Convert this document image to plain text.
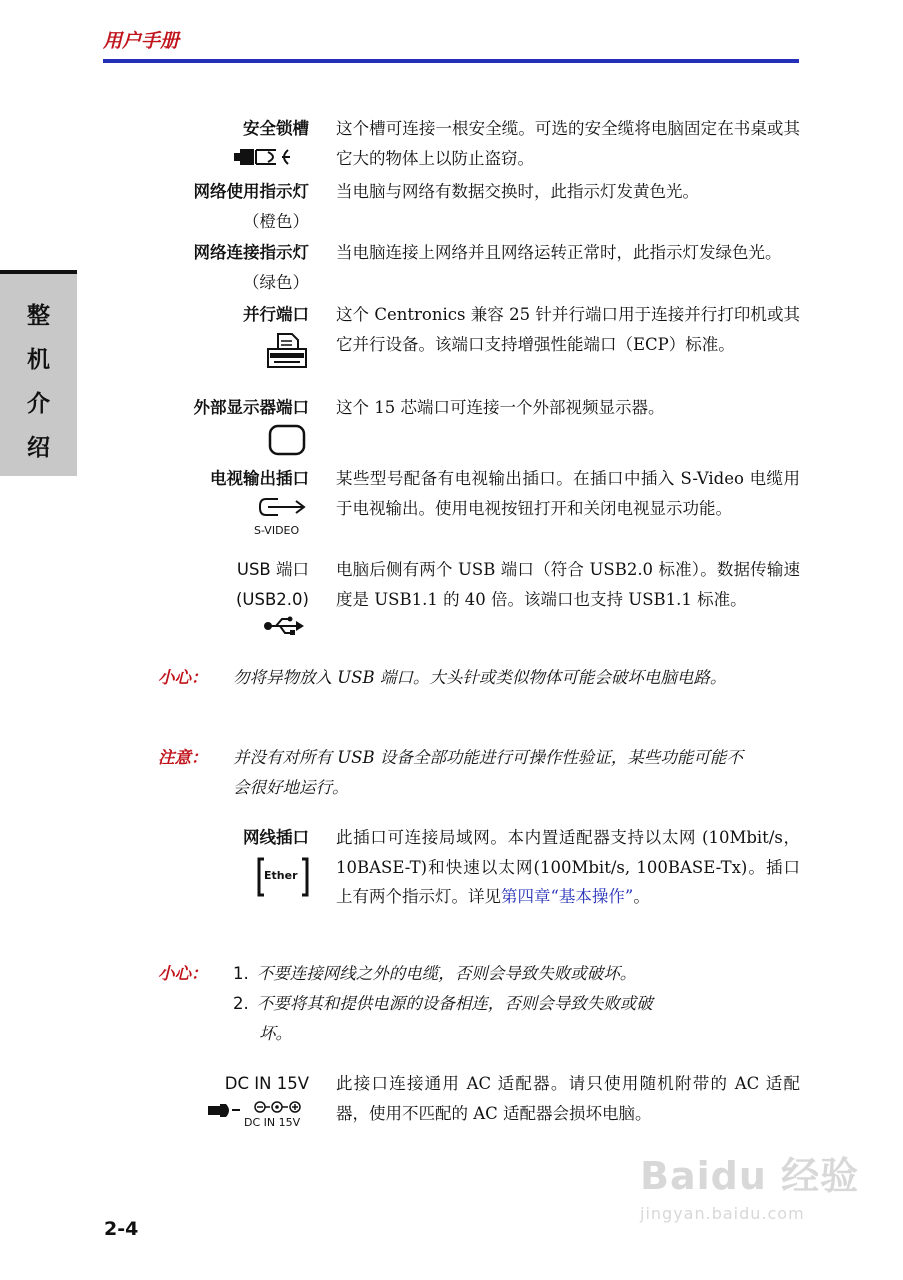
用户手册
整
机
介
绍
安全锁槽 这个槽可连接一根安全缆。可选的安全缆将电脑固定在书桌或其它大的物体上以防止盗窃。
网络使用指示灯
（橙色）
当电脑与网络有数据交换时，此指示灯发黄色光。
网络连接指示灯
（绿色）
当电脑连接上网络并且网络运转正常时，此指示灯发绿色光。
并行端口 这个 Centronics 兼容 25 针并行端口用于连接并行打印机或其它并行设备。该端口支持增强性能端口（ECP）标准。
外部显示器端口 这个 15 芯端口可连接一个外部视频显示器。
电视输出插口
S-VIDEO
某些型号配备有电视输出插口。在插口中插入 S-Video 电缆用于电视输出。使用电视按钮打开和关闭电视显示功能。
USB 端口
(USB2.0)
电脑后侧有两个 USB 端口（符合 USB2.0 标准）。数据传输速度是 USB1.1 的 40 倍。该端口也支持 USB1.1 标准。
小心： 勿将异物放入 USB 端口。大头针或类似物体可能会破坏电脑电路。
注意： 并没有对所有 USB 设备全部功能进行可操作性验证，某些功能可能不会很好地运行。
网线插口
Ether
此插口可连接局域网。本内置适配器支持以太网 (10Mbit/s，10BASE-T)和快速以太网(100Mbit/s, 100BASE-Tx)。插口上有两个指示灯。详见第四章“基本操作”。
小心： 1. 不要连接网线之外的电缆，否则会导致失败或破坏。
2. 不要将其和提供电源的设备相连，否则会导致失败或破
坏。
DC IN 15V
DC IN 15V
此接口连接通用 AC 适配器。请只使用随机附带的 AC 适配器，使用不匹配的 AC 适配器会损坏电脑。
2-4
Baidu 经验
jingyan.baidu.com
